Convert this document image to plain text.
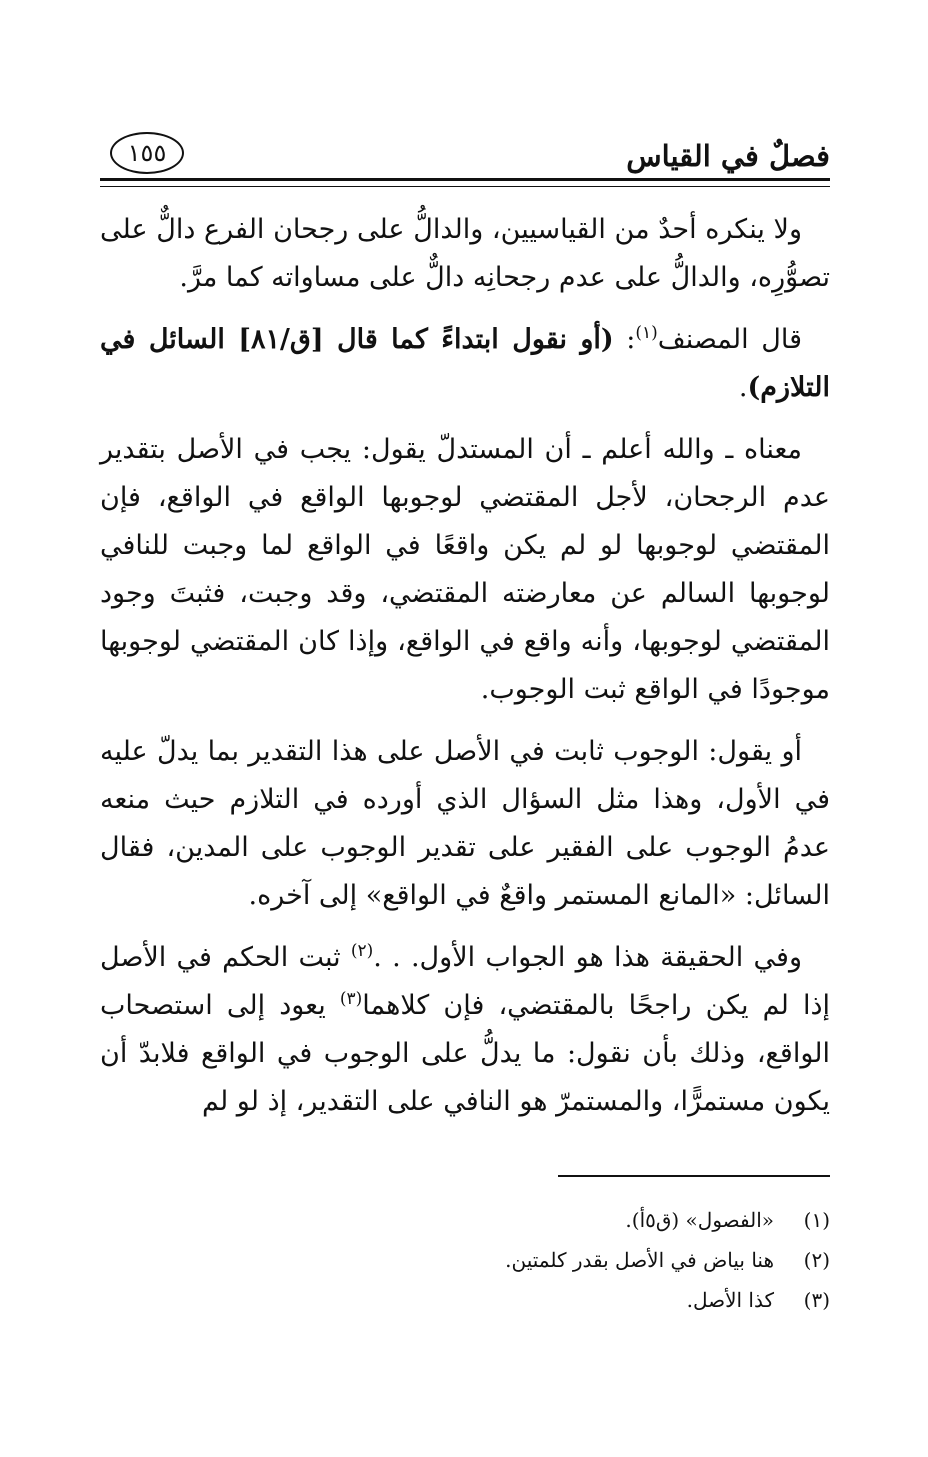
فصلٌ في القياس
١٥٥

ولا ينكره أحدٌ من القياسيين، والدالُّ على رجحان الفرع دالٌّ على تصوُّرِه، والدالُّ على عدم رجحانِه دالٌّ على مساواته كما مرَّ.

قال المصنف$^{(١)}$: (أو نقول ابتداءً كما قال [ق/٨١] السائل في التلازم).

معناه ـ والله أعلم ـ أن المستدلّ يقول: يجب في الأصل بتقدير عدم الرجحان، لأجل المقتضي لوجوبها الواقع في الواقع، فإن المقتضي لوجوبها لو لم يكن واقعًا في الواقع لما وجبت للنافي لوجوبها السالم عن معارضته المقتضي، وقد وجبت، فثبتَ وجود المقتضي لوجوبها، وأنه واقع في الواقع، وإذا كان المقتضي لوجوبها موجودًا في الواقع ثبت الوجوب.

أو يقول: الوجوب ثابت في الأصل على هذا التقدير بما يدلّ عليه في الأول، وهذا مثل السؤال الذي أورده في التلازم حيث منعه عدمُ الوجوب على الفقير على تقدير الوجوب على المدين، فقال السائل: «المانع المستمر واقعٌ في الواقع» إلى آخره.

وفي الحقيقة هذا هو الجواب الأول. . .$^{(٢)}$ ثبت الحكم في الأصل إذا لم يكن راجحًا بالمقتضي، فإن كلاهما$^{(٣)}$ يعود إلى استصحاب الواقع، وذلك بأن نقول: ما يدلُّ على الوجوب في الواقع فلابدّ أن يكون مستمرًّا، والمستمرّ هو النافي على التقدير، إذ لو لم

(١)
«الفصول» (ق٥أ).
(٢)
هنا بياض في الأصل بقدر كلمتين.
(٣)
كذا الأصل.
